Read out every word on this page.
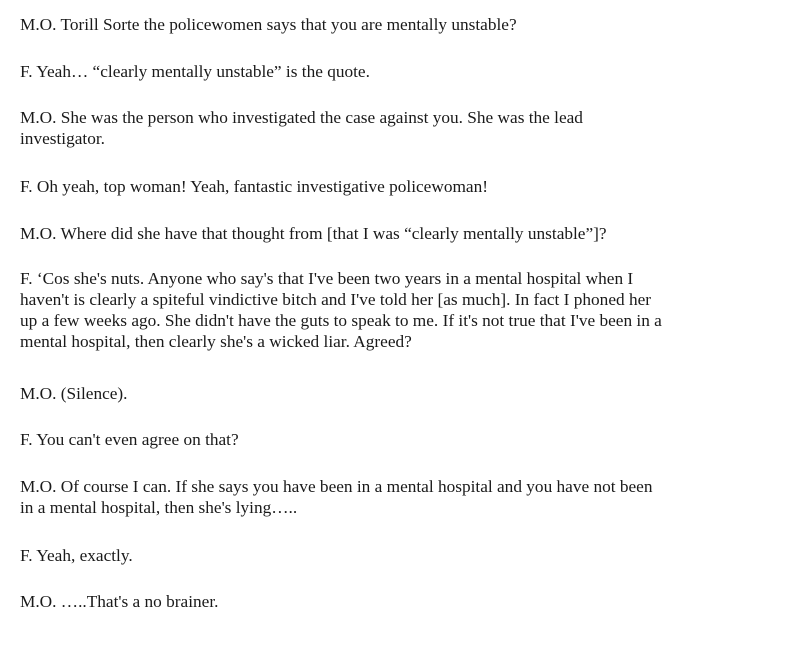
M.O. Torill Sorte the policewomen says that you are mentally unstable?

F. Yeah… “clearly mentally unstable” is the quote.

M.O. She was the person who investigated the case against you. She was the lead
investigator.

F. Oh yeah, top woman! Yeah, fantastic investigative policewoman!

M.O. Where did she have that thought from [that I was “clearly mentally unstable”]?

F. ‘Cos she's nuts. Anyone who say's that I've been two years in a mental hospital when I
haven't is clearly a spiteful vindictive bitch and I've told her [as much]. In fact I phoned her
up a few weeks ago. She didn't have the guts to speak to me. If it's not true that I've been in a
mental hospital, then clearly she's a wicked liar. Agreed?

M.O. (Silence).

F. You can't even agree on that?

M.O. Of course I can. If she says you have been in a mental hospital and you have not been
in a mental hospital, then she's lying…..

F. Yeah, exactly.

M.O. …..That's a no brainer.
